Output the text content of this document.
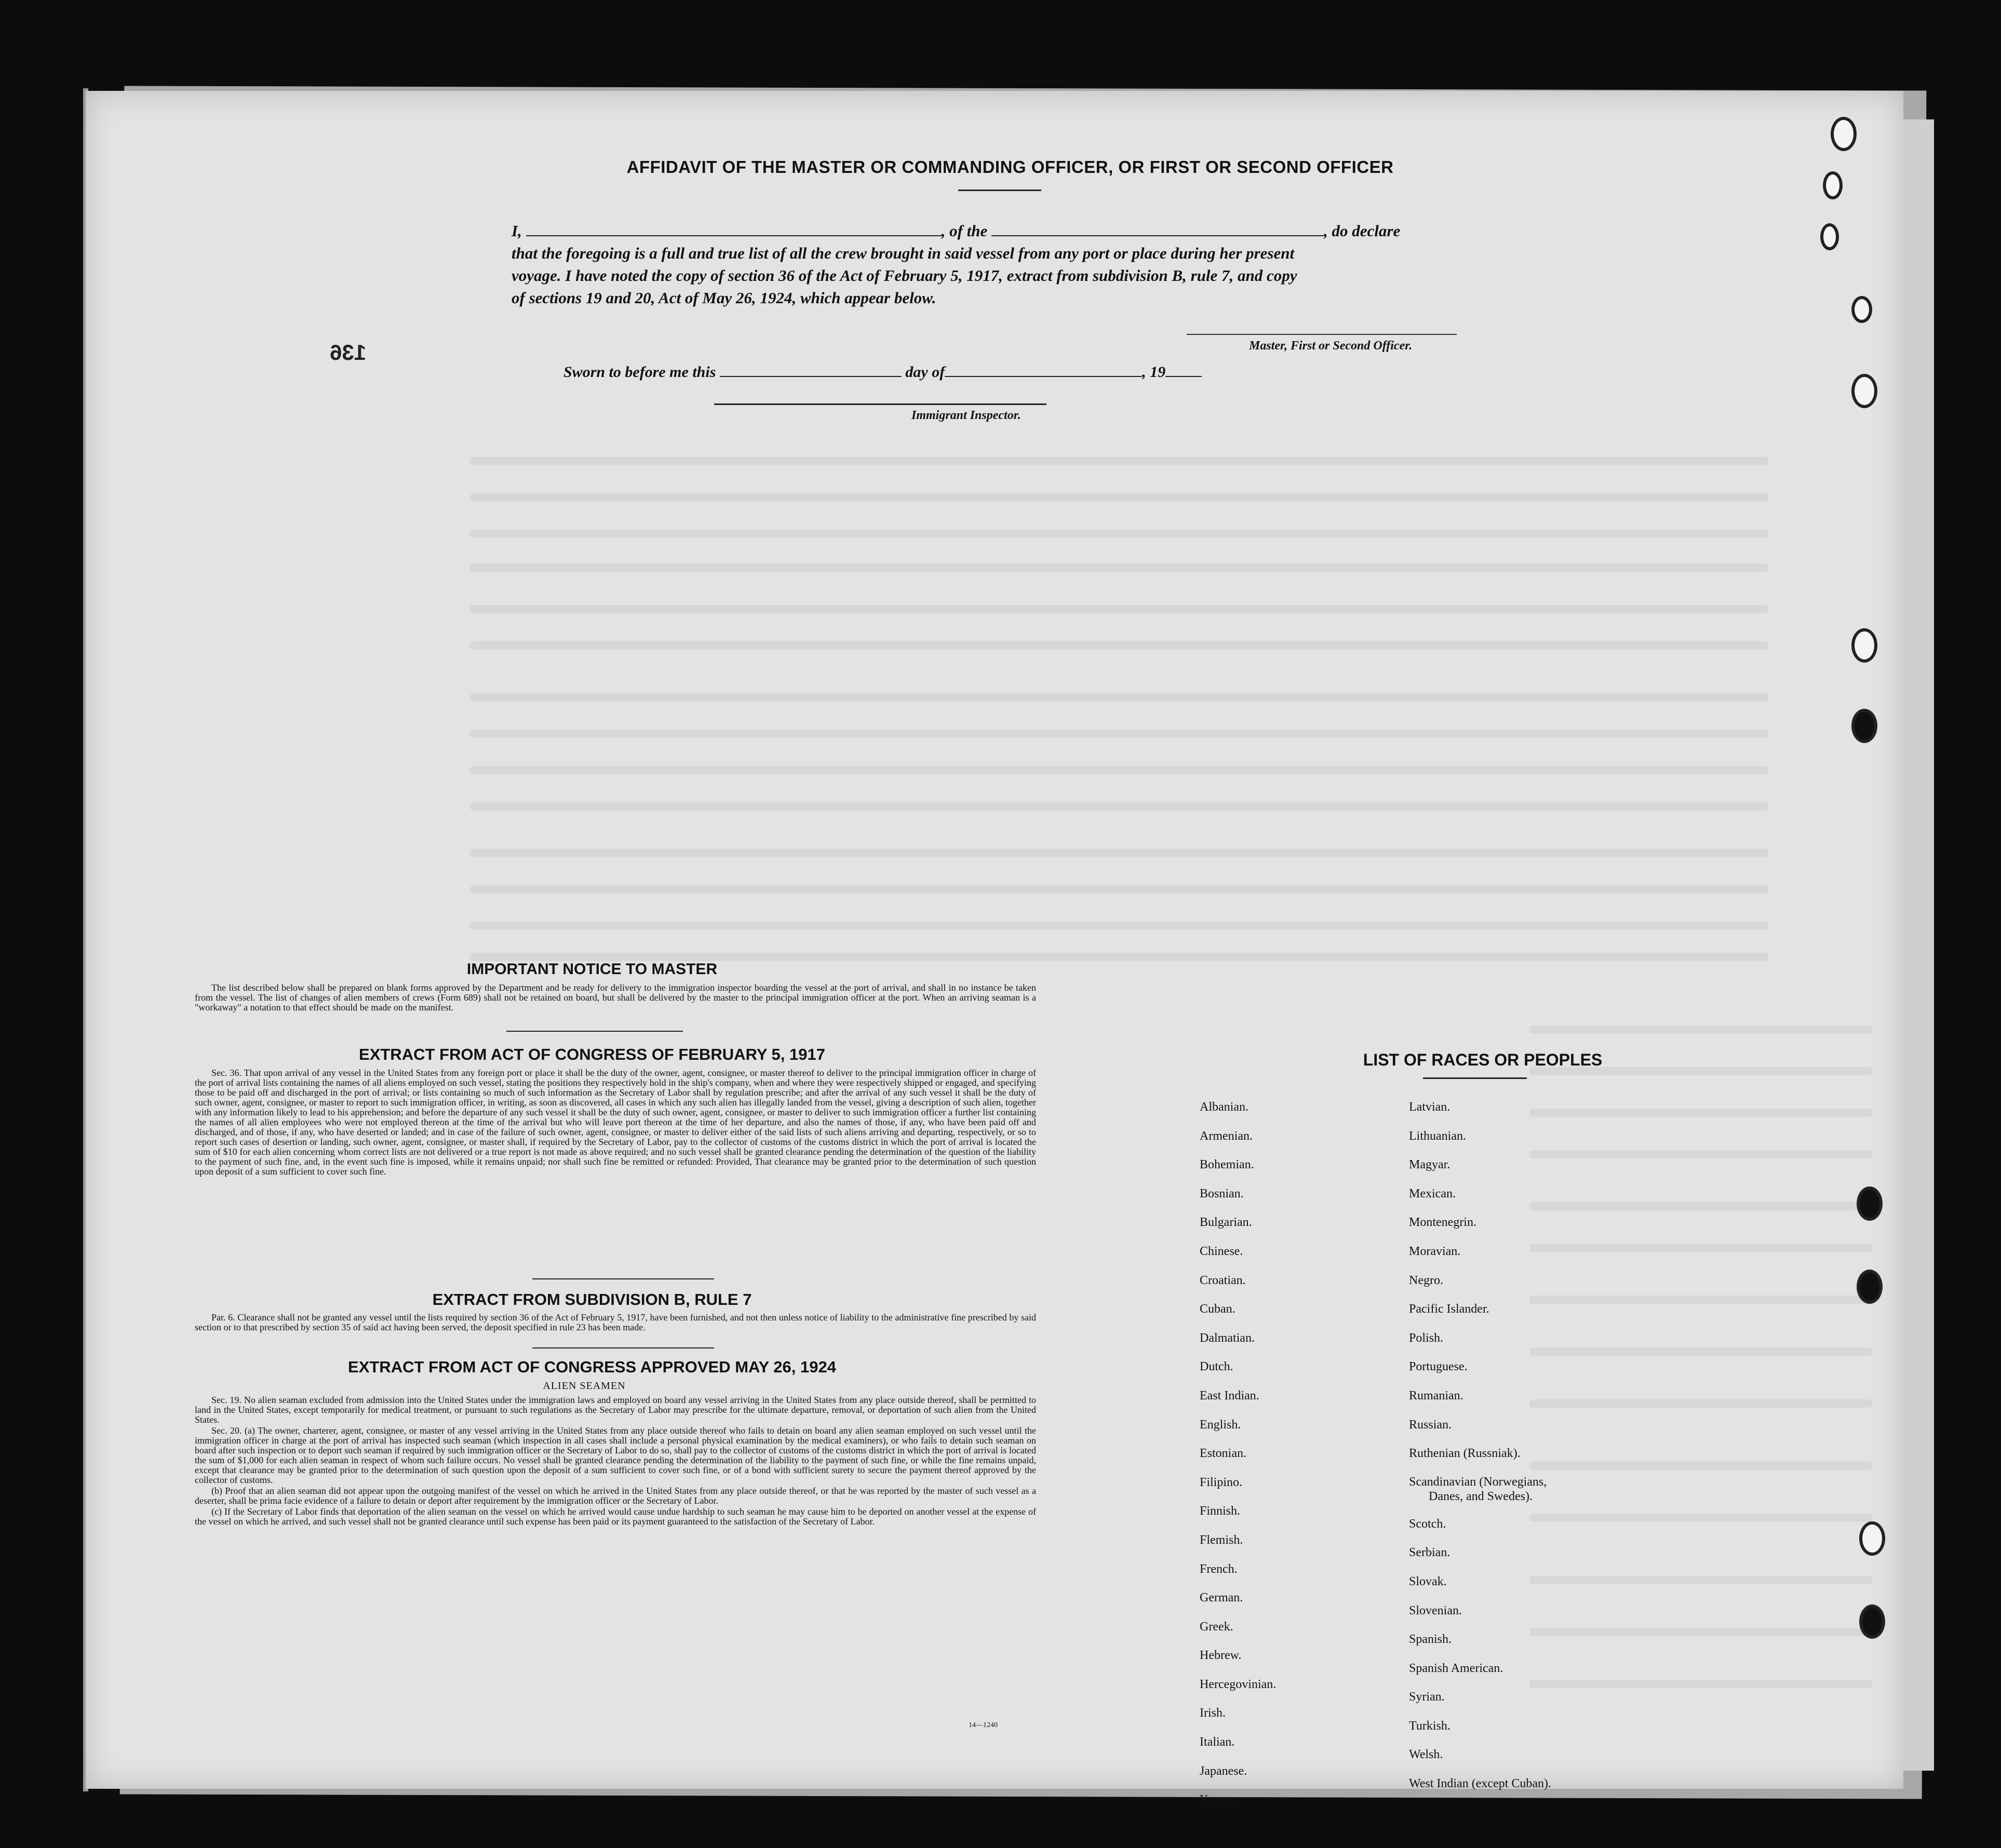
136
AFFIDAVIT OF THE MASTER OR COMMANDING OFFICER, OR FIRST OR SECOND OFFICER
I,	, of the	, do declare
that the foregoing is a full and true list of all the crew brought in said vessel from any port or place during her present
voyage. I have noted the copy of section 36 of the Act of February 5, 1917, extract from subdivision B, rule 7, and copy
of sections 19 and 20, Act of May 26, 1924, which appear below.
Master, First or Second Officer.
Sworn to before me this	day of	, 19
Immigrant Inspector.
IMPORTANT NOTICE TO MASTER

The list described below shall be prepared on blank forms approved by the Department and be ready for delivery to the immigration inspector boarding the vessel at the port of arrival, and shall in no instance be taken from the vessel. The list of changes of alien members of crews (Form 689) shall not be retained on board, but shall be delivered by the master to the principal immigration officer at the port. When an arriving seaman is a "workaway" a notation to that effect should be made on the manifest.

EXTRACT FROM ACT OF CONGRESS OF FEBRUARY 5, 1917

Sec. 36. That upon arrival of any vessel in the United States from any foreign port or place it shall be the duty of the owner, agent, consignee, or master thereof to deliver to the principal immigration officer in charge of the port of arrival lists containing the names of all aliens employed on such vessel, stating the positions they respectively hold in the ship's company, when and where they were respectively shipped or engaged, and specifying those to be paid off and discharged in the port of arrival; or lists containing so much of such information as the Secretary of Labor shall by regulation prescribe; and after the arrival of any such vessel it shall be the duty of such owner, agent, consignee, or master to report to such immigration officer, in writing, as soon as discovered, all cases in which any such alien has illegally landed from the vessel, giving a description of such alien, together with any information likely to lead to his apprehension; and before the departure of any such vessel it shall be the duty of such owner, agent, consignee, or master to deliver to such immigration officer a further list containing the names of all alien employees who were not employed thereon at the time of the arrival but who will leave port thereon at the time of her departure, and also the names of those, if any, who have been paid off and discharged, and of those, if any, who have deserted or landed; and in case of the failure of such owner, agent, consignee, or master to deliver either of the said lists of such aliens arriving and departing, respectively, or so to report such cases of desertion or landing, such owner, agent, consignee, or master shall, if required by the Secretary of Labor, pay to the collector of customs of the customs district in which the port of arrival is located the sum of $10 for each alien concerning whom correct lists are not delivered or a true report is not made as above required; and no such vessel shall be granted clearance pending the determination of the question of the liability to the payment of such fine, and, in the event such fine is imposed, while it remains unpaid; nor shall such fine be remitted or refunded: Provided, That clearance may be granted prior to the determination of such question upon deposit of a sum sufficient to cover such fine.

EXTRACT FROM SUBDIVISION B, RULE 7

Par. 6. Clearance shall not be granted any vessel until the lists required by section 36 of the Act of February 5, 1917, have been furnished, and not then unless notice of liability to the administrative fine prescribed by said section or to that prescribed by section 35 of said act having been served, the deposit specified in rule 23 has been made.

EXTRACT FROM ACT OF CONGRESS APPROVED MAY 26, 1924
ALIEN SEAMEN

Sec. 19. No alien seaman excluded from admission into the United States under the immigration laws and employed on board any vessel arriving in the United States from any place outside thereof, shall be permitted to land in the United States, except temporarily for medical treatment, or pursuant to such regulations as the Secretary of Labor may prescribe for the ultimate departure, removal, or deportation of such alien from the United States.

Sec. 20. (a) The owner, charterer, agent, consignee, or master of any vessel arriving in the United States from any place outside thereof who fails to detain on board any alien seaman employed on such vessel until the immigration officer in charge at the port of arrival has inspected such seaman (which inspection in all cases shall include a personal physical examination by the medical examiners), or who fails to detain such seaman on board after such inspection or to deport such seaman if required by such immigration officer or the Secretary of Labor to do so, shall pay to the collector of customs of the customs district in which the port of arrival is located the sum of $1,000 for each alien seaman in respect of whom such failure occurs. No vessel shall be granted clearance pending the determination of the liability to the payment of such fine, or while the fine remains unpaid, except that clearance may be granted prior to the determination of such question upon the deposit of a sum sufficient to cover such fine, or of a bond with sufficient surety to secure the payment thereof approved by the collector of customs.

(b) Proof that an alien seaman did not appear upon the outgoing manifest of the vessel on which he arrived in the United States from any place outside thereof, or that he was reported by the master of such vessel as a deserter, shall be prima facie evidence of a failure to detain or deport after requirement by the immigration officer or the Secretary of Labor.

(c) If the Secretary of Labor finds that deportation of the alien seaman on the vessel on which he arrived would cause undue hardship to such seaman he may cause him to be deported on another vessel at the expense of the vessel on which he arrived, and such vessel shall not be granted clearance until such expense has been paid or its payment guaranteed to the satisfaction of the Secretary of Labor.

14—1240
LIST OF RACES OR PEOPLES
Albanian.
Armenian.
Bohemian.
Bosnian.
Bulgarian.
Chinese.
Croatian.
Cuban.
Dalmatian.
Dutch.
East Indian.
English.
Estonian.
Filipino.
Finnish.
Flemish.
French.
German.
Greek.
Hebrew.
Hercegovinian.
Irish.
Italian.
Japanese.
Korean.
Latvian.
Lithuanian.
Magyar.
Mexican.
Montenegrin.
Moravian.
Negro.
Pacific Islander.
Polish.
Portuguese.
Rumanian.
Russian.
Ruthenian (Russniak).
Scandinavian (Norwegians,
Danes, and Swedes).
Scotch.
Serbian.
Slovak.
Slovenian.
Spanish.
Spanish American.
Syrian.
Turkish.
Welsh.
West Indian (except Cuban).
